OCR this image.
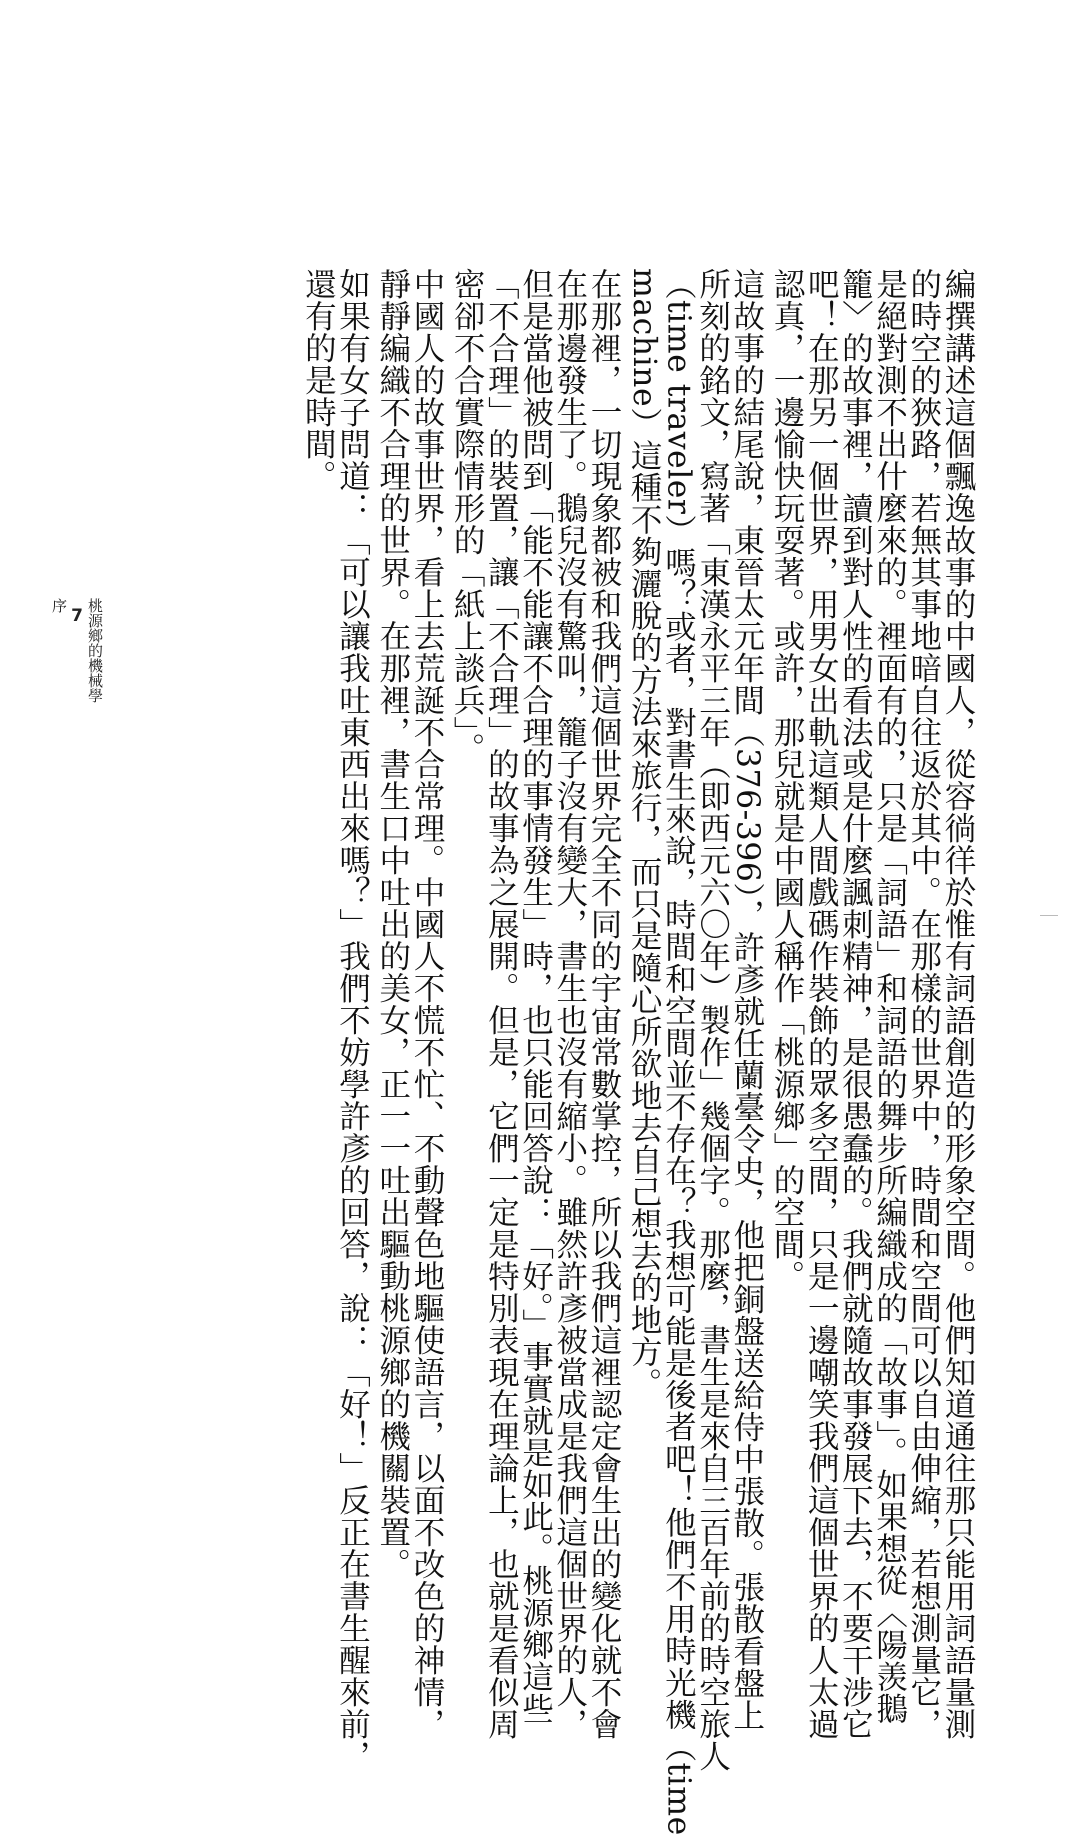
編撰講述這個飄逸故事的中國人，從容徜徉於惟有詞語創造的形象空間。他們知道通往那只能用詞語量測

的時空的狹路，若無其事地暗自往返於其中。在那樣的世界中，時間和空間可以自由伸縮，若想測量它，

是絕對測不出什麼來的。裡面有的，只是「詞語」和詞語的舞步所編織成的「故事」。如果想從〈陽羡鵝

籠〉的故事裡，讀到對人性的看法或是什麼諷刺精神，是很愚蠢的。我們就隨故事發展下去，不要干涉它

吧！在那另一個世界，用男女出軌這類人間戲碼作裝飾的眾多空間，只是一邊嘲笑我們這個世界的人太過

認真，一邊愉快玩耍著。或許，那兒就是中國人稱作「桃源鄉」的空間。

這故事的結尾說，東晉太元年間（376-396），許彥就任蘭臺令史，他把銅盤送給侍中張散。張散看盤上

所刻的銘文，寫著「東漢永平三年（即西元六〇年）製作」幾個字。那麼，書生是來自三百年前的時空旅人

（time traveler）嗎？或者，對書生來說，時間和空間並不存在？我想可能是後者吧！他們不用時光機（time

machine）這種不夠灑脫的方法來旅行，而只是隨心所欲地去自己想去的地方。

在那裡，一切現象都被和我們這個世界完全不同的宇宙常數掌控，所以我們這裡認定會生出的變化就不會

在那邊發生了。鵝兒沒有驚叫，籠子沒有變大，書生也沒有縮小。雖然許彥被當成是我們這個世界的人，

但是當他被問到「能不能讓不合理的事情發生」時，也只能回答說：「好。」事實就是如此。桃源鄉這些

「不合理」的裝置，讓「不合理」的故事為之展開。但是，它們一定是特別表現在理論上，也就是看似周

密卻不合實際情形的「紙上談兵」。

中國人的故事世界，看上去荒誕不合常理。中國人不慌不忙、不動聲色地驅使語言，以面不改色的神情，

靜靜編織不合理的世界。在那裡，書生口中吐出的美女，正一一吐出驅動桃源鄉的機關裝置。

如果有女子問道：「可以讓我吐東西出來嗎？」我們不妨學許彥的回答，說：「好！」反正在書生醒來前，

還有的是時間。

桃源鄉的機械學
7
序
